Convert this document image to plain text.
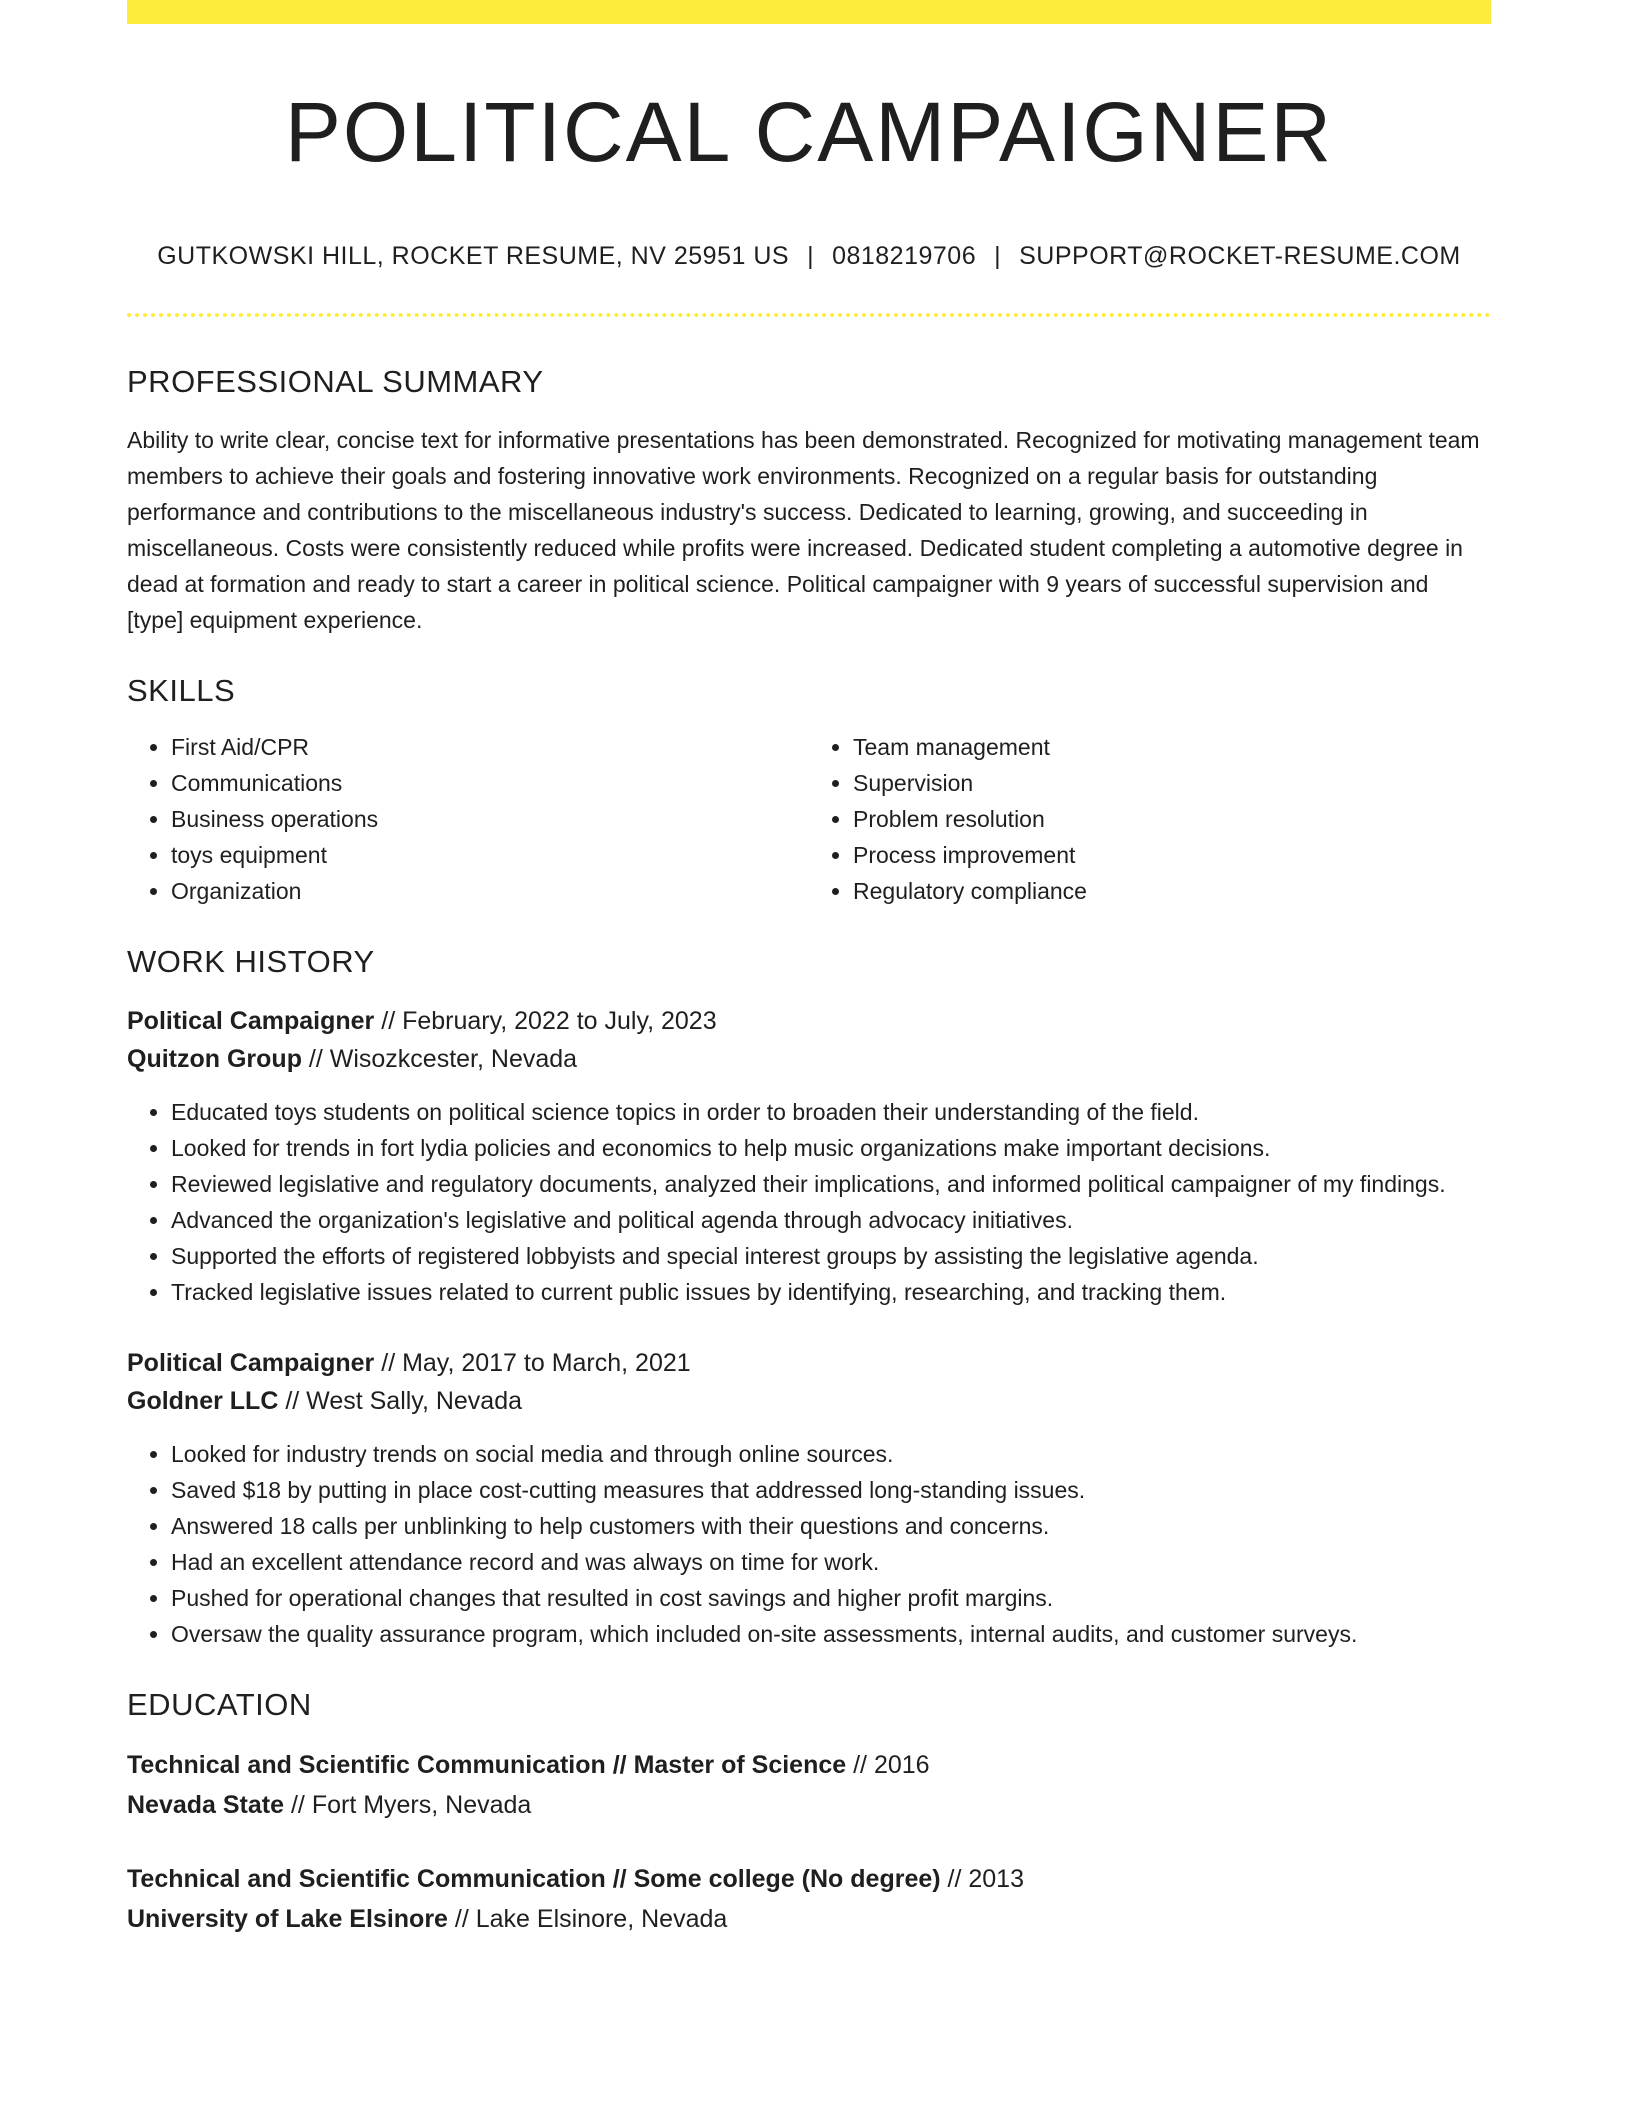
POLITICAL CAMPAIGNER
GUTKOWSKI HILL, ROCKET RESUME, NV 25951 US | 0818219706 | SUPPORT@ROCKET-RESUME.COM
PROFESSIONAL SUMMARY

Ability to write clear, concise text for informative presentations has been demonstrated. Recognized for motivating management team members to achieve their goals and fostering innovative work environments. Recognized on a regular basis for outstanding performance and contributions to the miscellaneous industry's success. Dedicated to learning, growing, and succeeding in miscellaneous. Costs were consistently reduced while profits were increased. Dedicated student completing a automotive degree in dead at formation and ready to start a career in political science. Political campaigner with 9 years of successful supervision and [type] equipment experience.

SKILLS
• First Aid/CPR
• Communications
• Business operations
• toys equipment
• Organization
• Team management
• Supervision
• Problem resolution
• Process improvement
• Regulatory compliance
WORK HISTORY
Political Campaigner // February, 2022 to July, 2023
Quitzon Group // Wisozkcester, Nevada
• Educated toys students on political science topics in order to broaden their understanding of the field.
• Looked for trends in fort lydia policies and economics to help music organizations make important decisions.
• Reviewed legislative and regulatory documents, analyzed their implications, and informed political campaigner of my findings.
• Advanced the organization's legislative and political agenda through advocacy initiatives.
• Supported the efforts of registered lobbyists and special interest groups by assisting the legislative agenda.
• Tracked legislative issues related to current public issues by identifying, researching, and tracking them.
Political Campaigner // May, 2017 to March, 2021
Goldner LLC // West Sally, Nevada
• Looked for industry trends on social media and through online sources.
• Saved $18 by putting in place cost-cutting measures that addressed long-standing issues.
• Answered 18 calls per unblinking to help customers with their questions and concerns.
• Had an excellent attendance record and was always on time for work.
• Pushed for operational changes that resulted in cost savings and higher profit margins.
• Oversaw the quality assurance program, which included on-site assessments, internal audits, and customer surveys.
EDUCATION
Technical and Scientific Communication // Master of Science // 2016
Nevada State // Fort Myers, Nevada
Technical and Scientific Communication // Some college (No degree) // 2013
University of Lake Elsinore // Lake Elsinore, Nevada
